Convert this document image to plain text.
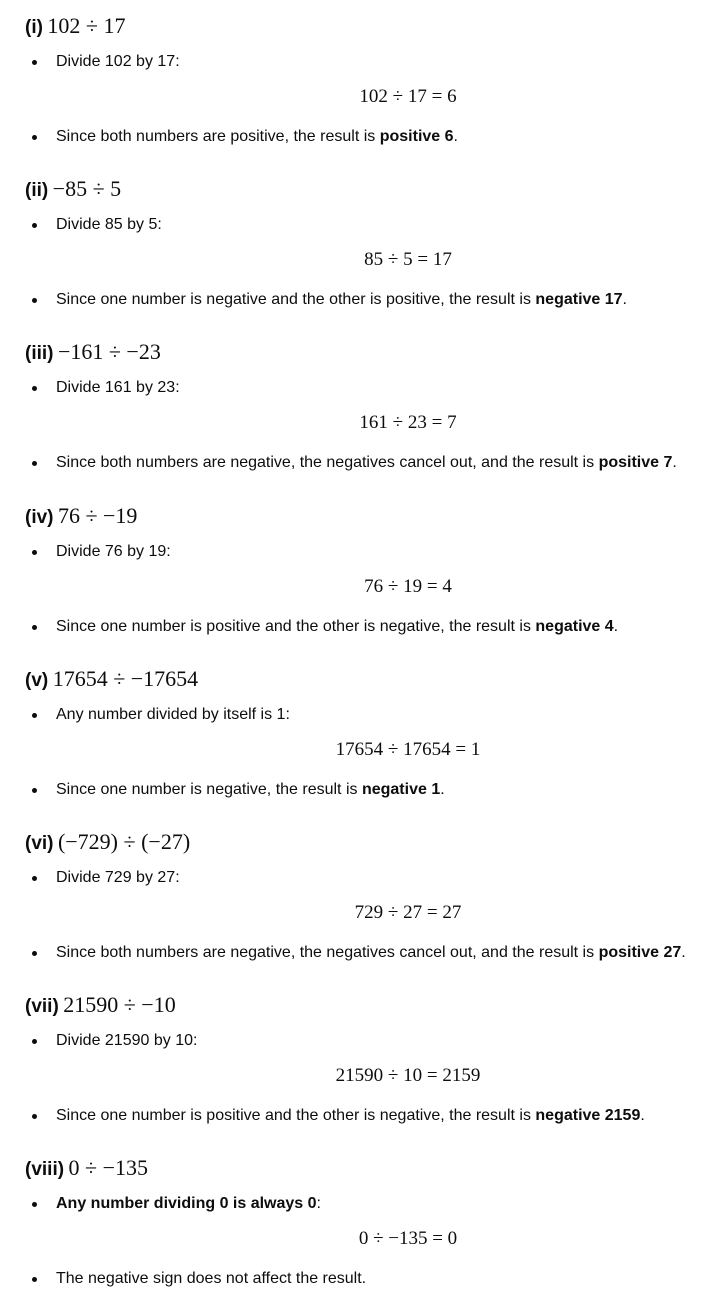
(i) 102 ÷ 17
Divide 102 by 17:
102 ÷ 17 = 6
Since both numbers are positive, the result is positive 6.
(ii) −85 ÷ 5
Divide 85 by 5:
85 ÷ 5 = 17
Since one number is negative and the other is positive, the result is negative 17.
(iii) −161 ÷ −23
Divide 161 by 23:
161 ÷ 23 = 7
Since both numbers are negative, the negatives cancel out, and the result is positive 7.
(iv) 76 ÷ −19
Divide 76 by 19:
76 ÷ 19 = 4
Since one number is positive and the other is negative, the result is negative 4.
(v) 17654 ÷ −17654
Any number divided by itself is 1:
17654 ÷ 17654 = 1
Since one number is negative, the result is negative 1.
(vi) (−729) ÷ (−27)
Divide 729 by 27:
729 ÷ 27 = 27
Since both numbers are negative, the negatives cancel out, and the result is positive 27.
(vii) 21590 ÷ −10
Divide 21590 by 10:
21590 ÷ 10 = 2159
Since one number is positive and the other is negative, the result is negative 2159.
(viii) 0 ÷ −135
Any number dividing 0 is always 0:
0 ÷ −135 = 0
The negative sign does not affect the result.
